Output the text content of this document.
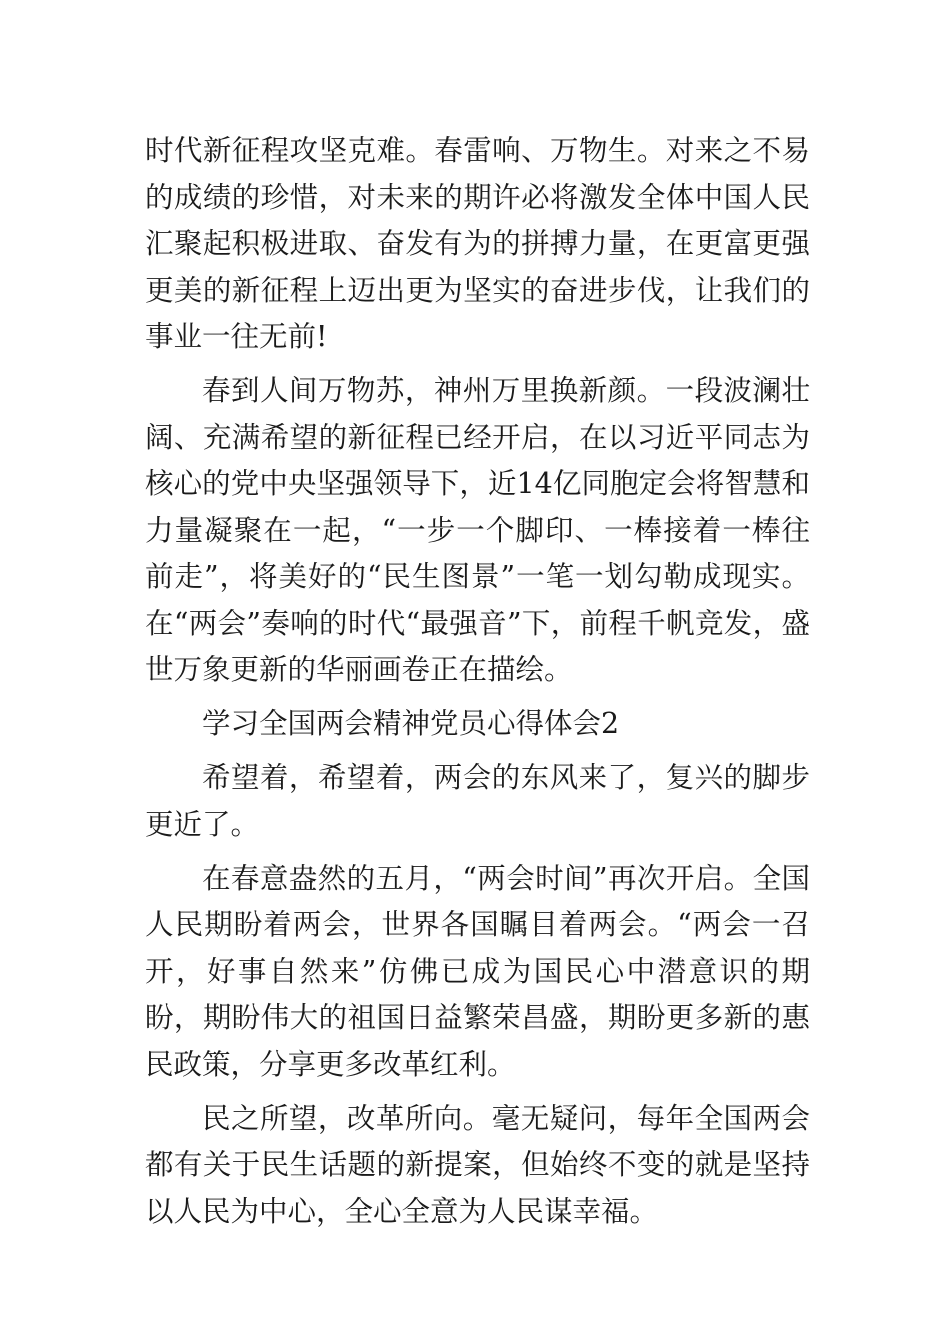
时代新征程攻坚克难。春雷响、万物生。对来之不易的成绩的珍惜，对未来的期许必将激发全体中国人民汇聚起积极进取、奋发有为的拼搏力量，在更富更强更美的新征程上迈出更为坚实的奋进步伐，让我们的事业一往无前!

春到人间万物苏，神州万里换新颜。一段波澜壮阔、充满希望的新征程已经开启，在以习近平同志为核心的党中央坚强领导下，近14亿同胞定会将智慧和力量凝聚在一起，“一步一个脚印、一棒接着一棒往前走”，将美好的“民生图景”一笔一划勾勒成现实。在“两会”奏响的时代“最强音”下，前程千帆竞发，盛世万象更新的华丽画卷正在描绘。

学习全国两会精神党员心得体会2

希望着，希望着，两会的东风来了，复兴的脚步更近了。

在春意盎然的五月，“两会时间”再次开启。全国人民期盼着两会，世界各国瞩目着两会。“两会一召开，好事自然来”仿佛已成为国民心中潜意识的期盼，期盼伟大的祖国日益繁荣昌盛，期盼更多新的惠民政策，分享更多改革红利。

民之所望，改革所向。毫无疑问，每年全国两会都有关于民生话题的新提案，但始终不变的就是坚持以人民为中心，全心全意为人民谋幸福。
